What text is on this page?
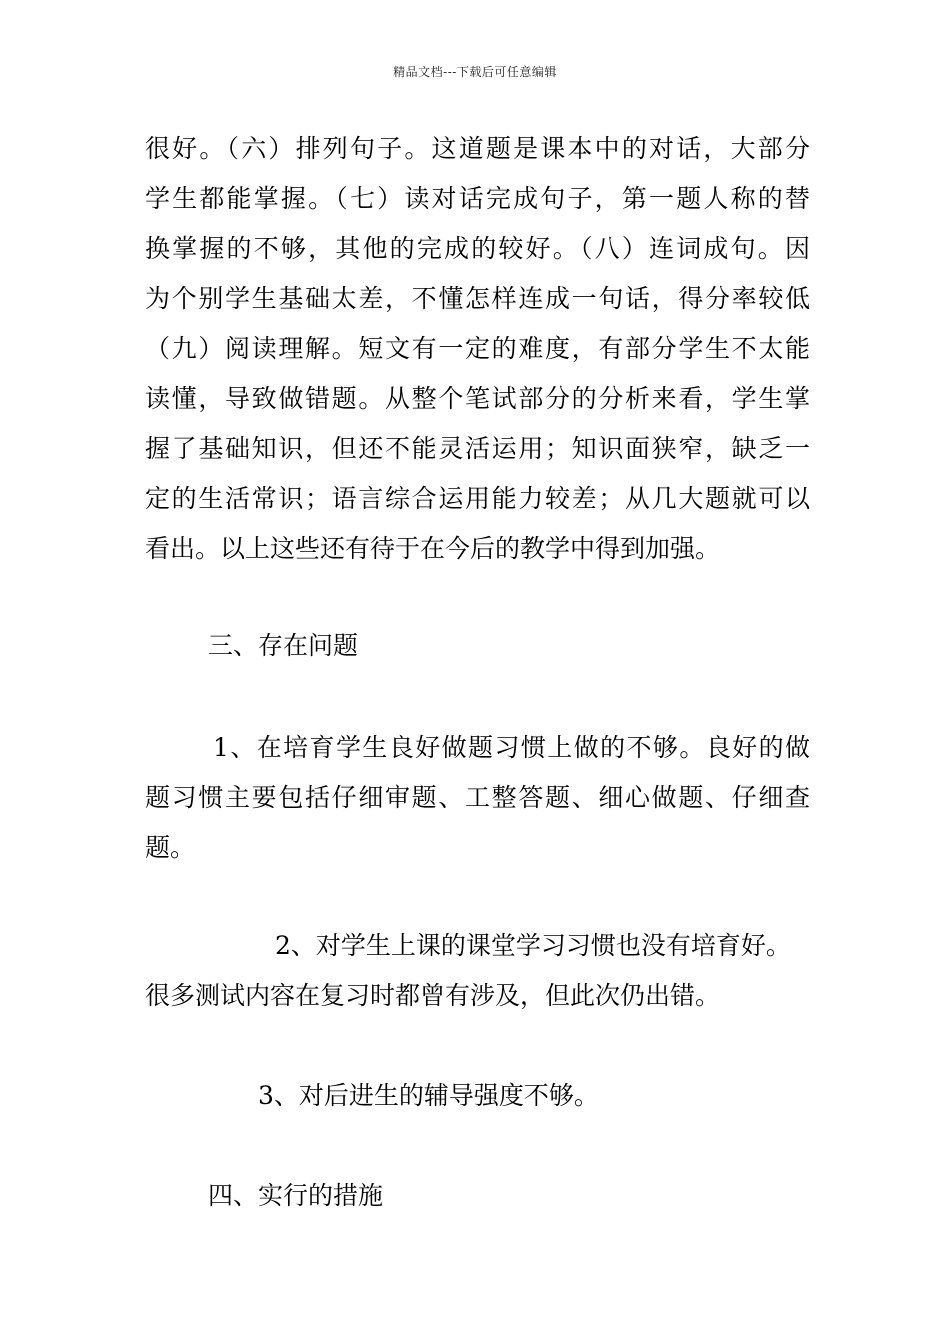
精品文档---下载后可任意编辑
很好。（六）排列句子。这道题是课本中的对话，大部分
学生都能掌握。（七）读对话完成句子，第一题人称的替
换掌握的不够，其他的完成的较好。（八）连词成句。因
为个别学生基础太差，不懂怎样连成一句话，得分率较低
（九）阅读理解。短文有一定的难度，有部分学生不太能
读懂，导致做错题。从整个笔试部分的分析来看，学生掌
握了基础知识，但还不能灵活运用；知识面狭窄，缺乏一
定的生活常识；语言综合运用能力较差；从几大题就可以
看出。以上这些还有待于在今后的教学中得到加强。
三、存在问题
1、在培育学生良好做题习惯上做的不够。良好的做
题习惯主要包括仔细审题、工整答题、细心做题、仔细查
题。
2、对学生上课的课堂学习习惯也没有培育好。
很多测试内容在复习时都曾有涉及，但此次仍出错。
3、对后进生的辅导强度不够。
四、实行的措施
